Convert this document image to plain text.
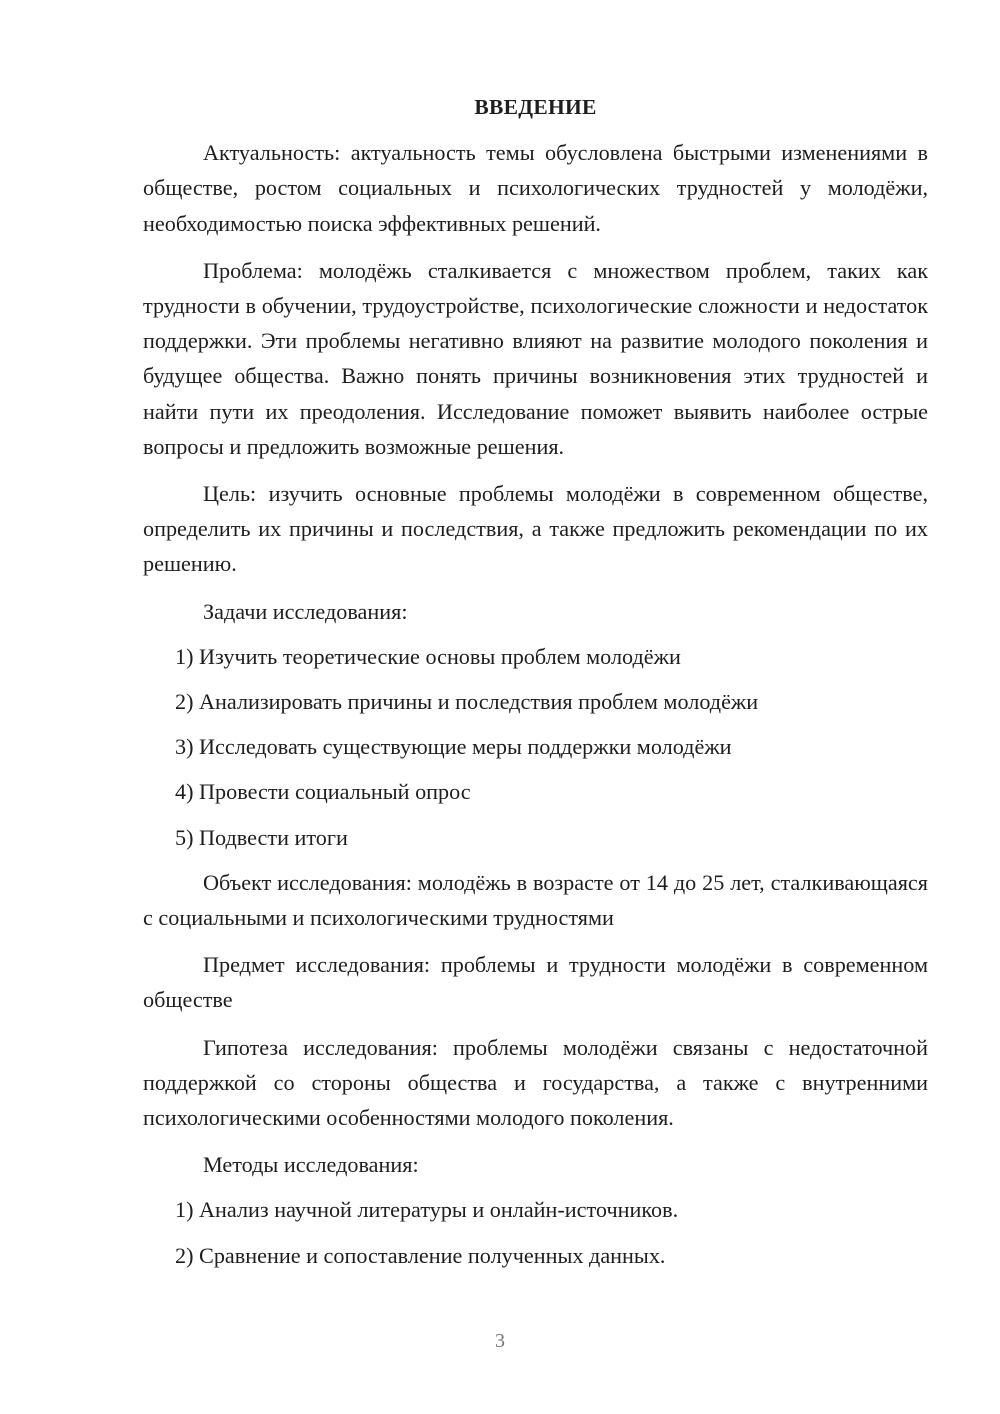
ВВЕДЕНИЕ
Актуальность: актуальность темы обусловлена быстрыми изменениями в обществе, ростом социальных и психологических трудностей у молодёжи, необходимостью поиска эффективных решений.
Проблема: молодёжь сталкивается с множеством проблем, таких как трудности в обучении, трудоустройстве, психологические сложности и недостаток поддержки. Эти проблемы негативно влияют на развитие молодого поколения и будущее общества. Важно понять причины возникновения этих трудностей и найти пути их преодоления. Исследование поможет выявить наиболее острые вопросы и предложить возможные решения.
Цель: изучить основные проблемы молодёжи в современном обществе, определить их причины и последствия, а также предложить рекомендации по их решению.
Задачи исследования:
1) Изучить теоретические основы проблем молодёжи
2) Анализировать причины и последствия проблем молодёжи
3) Исследовать существующие меры поддержки молодёжи
4) Провести социальный опрос
5) Подвести итоги
Объект исследования: молодёжь в возрасте от 14 до 25 лет, сталкивающаяся с социальными и психологическими трудностями
Предмет исследования: проблемы и трудности молодёжи в современном обществе
Гипотеза исследования: проблемы молодёжи связаны с недостаточной поддержкой со стороны общества и государства, а также с внутренними психологическими особенностями молодого поколения.
Методы исследования:
1) Анализ научной литературы и онлайн-источников.
2) Сравнение и сопоставление полученных данных.
3
